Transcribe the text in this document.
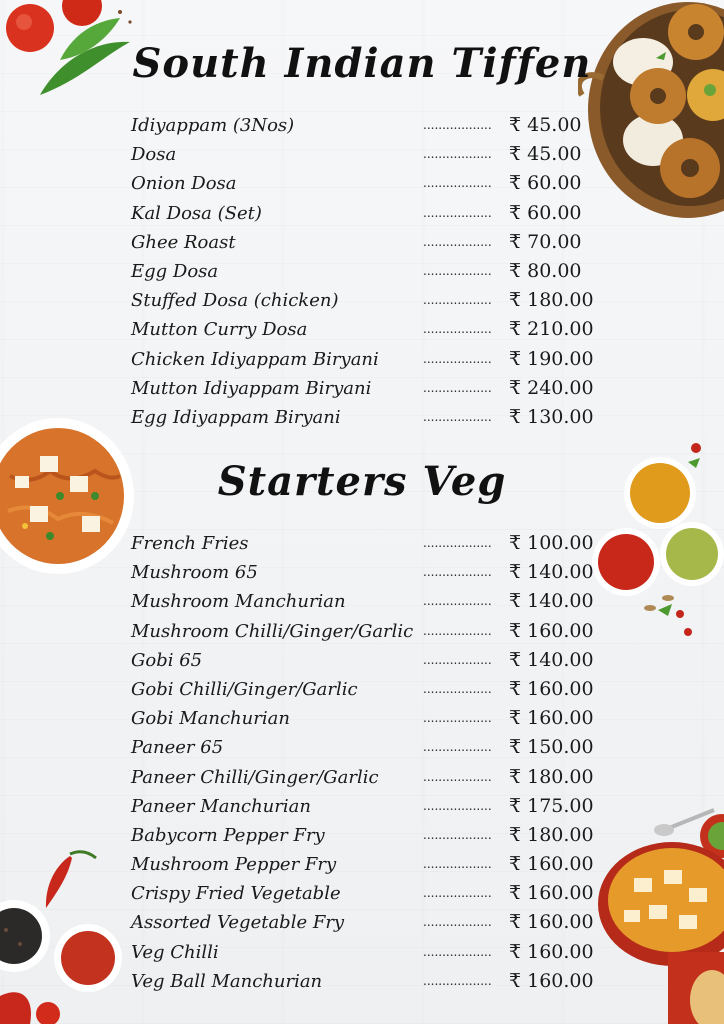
South Indian Tiffen
Idiyappam (3Nos)	.................. ₹ 45.00
Dosa	.................. ₹ 45.00
Onion Dosa	.................. ₹ 60.00
Kal Dosa (Set)	.................. ₹ 60.00
Ghee Roast	.................. ₹ 70.00
Egg Dosa	.................. ₹ 80.00
Stuffed Dosa (chicken)	.................. ₹ 180.00
Mutton Curry Dosa	.................. ₹ 210.00
Chicken Idiyappam Biryani	.................. ₹ 190.00
Mutton Idiyappam Biryani	.................. ₹ 240.00
Egg Idiyappam Biryani	.................. ₹ 130.00
Starters Veg
French Fries	.................. ₹ 100.00
Mushroom 65	.................. ₹ 140.00
Mushroom Manchurian	.................. ₹ 140.00
Mushroom Chilli/Ginger/Garlic .................. ₹ 160.00
Gobi 65	.................. ₹ 140.00
Gobi Chilli/Ginger/Garlic	.................. ₹ 160.00
Gobi Manchurian	.................. ₹ 160.00
Paneer 65	.................. ₹ 150.00
Paneer Chilli/Ginger/Garlic	.................. ₹ 180.00
Paneer Manchurian	.................. ₹ 175.00
Babycorn Pepper Fry	.................. ₹ 180.00
Mushroom Pepper Fry	.................. ₹ 160.00
Crispy Fried Vegetable	.................. ₹ 160.00
Assorted Vegetable Fry	.................. ₹ 160.00
Veg Chilli	.................. ₹ 160.00
Veg Ball Manchurian	.................. ₹ 160.00
